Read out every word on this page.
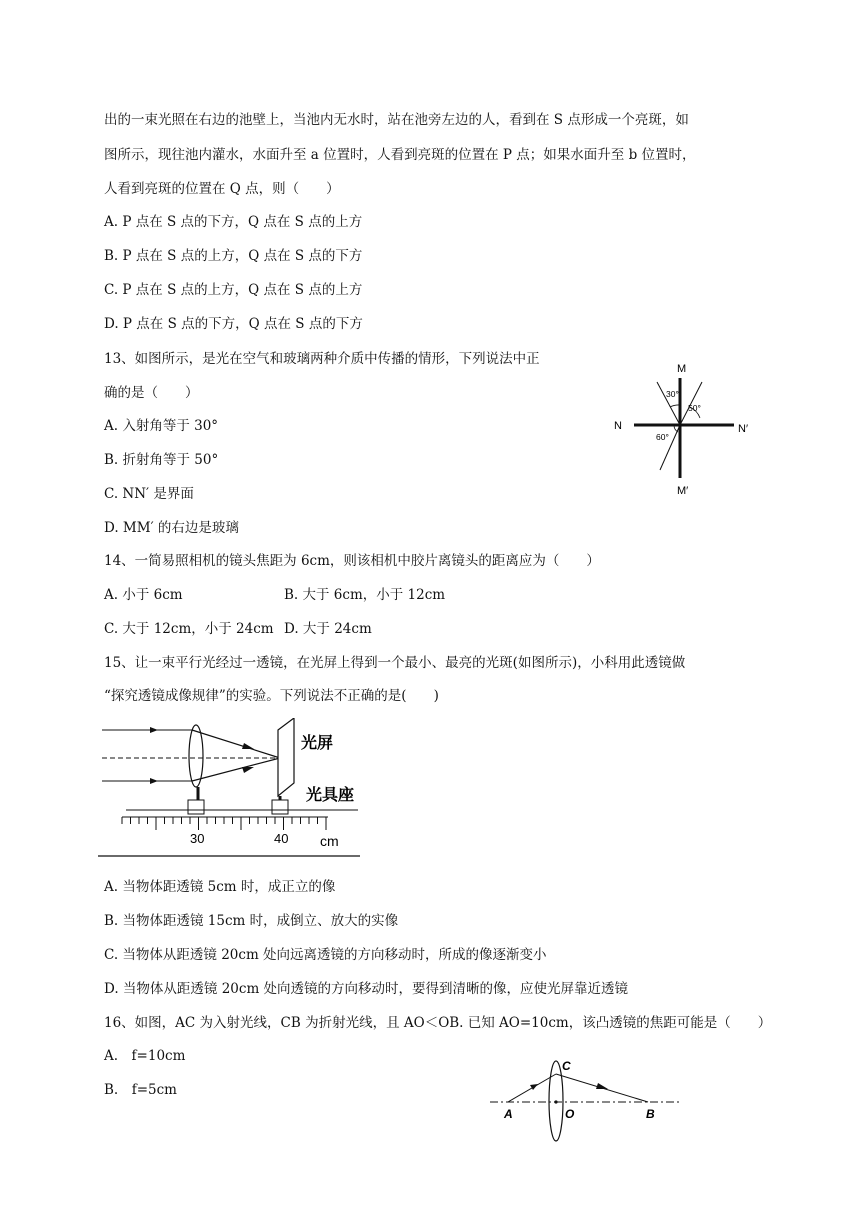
出的一束光照在右边的池壁上，当池内无水时，站在池旁左边的人，看到在 S 点形成一个亮斑，如
图所示，现往池内灌水，水面升至 a 位置时，人看到亮斑的位置在 P 点；如果水面升至 b 位置时，
人看到亮斑的位置在 Q 点，则（　　）
A. P 点在 S 点的下方，Q 点在 S 点的上方
B. P 点在 S 点的上方，Q 点在 S 点的下方
C. P 点在 S 点的上方，Q 点在 S 点的上方
D. P 点在 S 点的下方，Q 点在 S 点的下方
13、如图所示，是光在空气和玻璃两种介质中传播的情形，下列说法中正
确的是（　　）
A. 入射角等于 30°
B. 折射角等于 50°
C. NN′ 是界面
D. MM′ 的右边是玻璃
M
M′
N	N′
30°
50°
60°
14、一简易照相机的镜头焦距为 6cm，则该相机中胶片离镜头的距离应为（　　）
A. 小于 6cm	B. 大于 6cm，小于 12cm
C. 大于 12cm，小于 24cm D. 大于 24cm
15、让一束平行光经过一透镜，在光屏上得到一个最小、最亮的光斑(如图所示)，小科用此透镜做
“探究透镜成像规律”的实验。下列说法不正确的是(　　)
光屏
光具座
30	40 cm
A. 当物体距透镜 5cm 时，成正立的像
B. 当物体距透镜 15cm 时，成倒立、放大的实像
C. 当物体从距透镜 20cm 处向远离透镜的方向移动时，所成的像逐渐变小
D. 当物体从距透镜 20cm 处向透镜的方向移动时，要得到清晰的像，应使光屏靠近透镜
16、如图，AC 为入射光线，CB 为折射光线，且 AO＜OB. 已知 AO=10cm，该凸透镜的焦距可能是（　　）
A.　f=10cm
B.　f=5cm
A	O	B
C
